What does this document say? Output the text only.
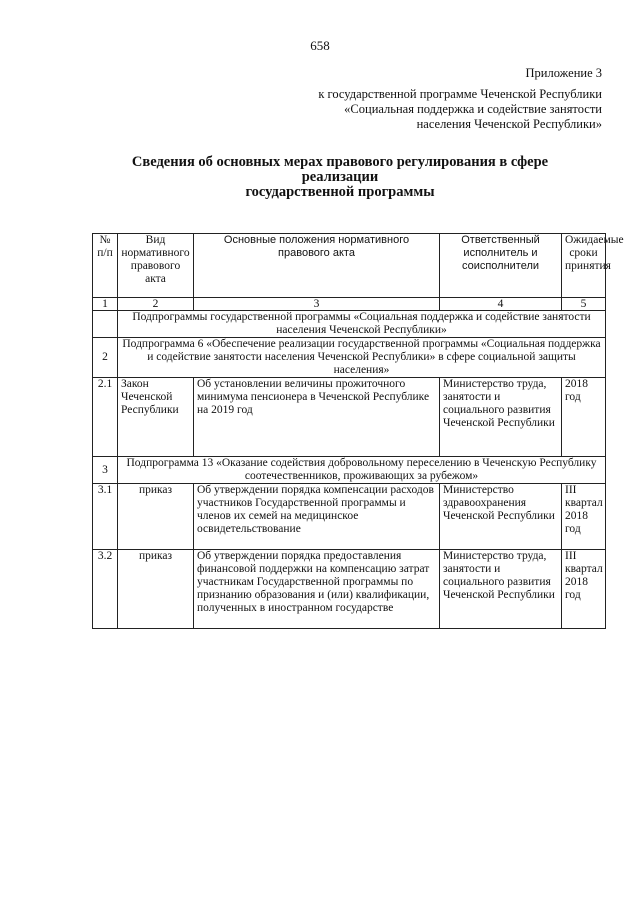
658
Приложение 3
к государственной программе Чеченской Республики
«Социальная поддержка и содействие занятости
населения Чеченской Республики»
Сведения об основных мерах правового регулирования в сфере
реализации
государственной программы
№ п/п	Вид нормативного правового акта	Основные положения нормативного правового акта	Ответственный исполнитель и соисполнители	Ожидаемые сроки принятия
1	2	3	4	5
	Подпрограммы государственной программы «Социальная поддержка и содействие занятости населения Чеченской Республики»			
2	Подпрограмма 6 «Обеспечение реализации государственной программы «Социальная поддержка и содействие занятости населения Чеченской Республики» в сфере социальной защиты населения»			
2.1	Закон Чеченской Республики	Об установлении величины прожиточного минимума пенсионера в Чеченской Республике на 2019 год	Министерство труда, занятости и социального развития Чеченской Республики	2018 год
3	Подпрограмма 13 «Оказание содействия добровольному переселению в Чеченскую Республику соотечественников, проживающих за рубежом»			
3.1	приказ	Об утверждении порядка компенсации расходов участников Государственной программы и членов их семей на медицинское освидетельствование	Министерство здравоохранения Чеченской Республики	III квартал 2018 год
3.2	приказ	Об утверждении порядка предоставления финансовой поддержки на компенсацию затрат участникам Государственной программы по признанию образования и (или) квалификации, полученных в иностранном государстве	Министерство труда, занятости и социального развития Чеченской Республики	III квартал 2018 год
